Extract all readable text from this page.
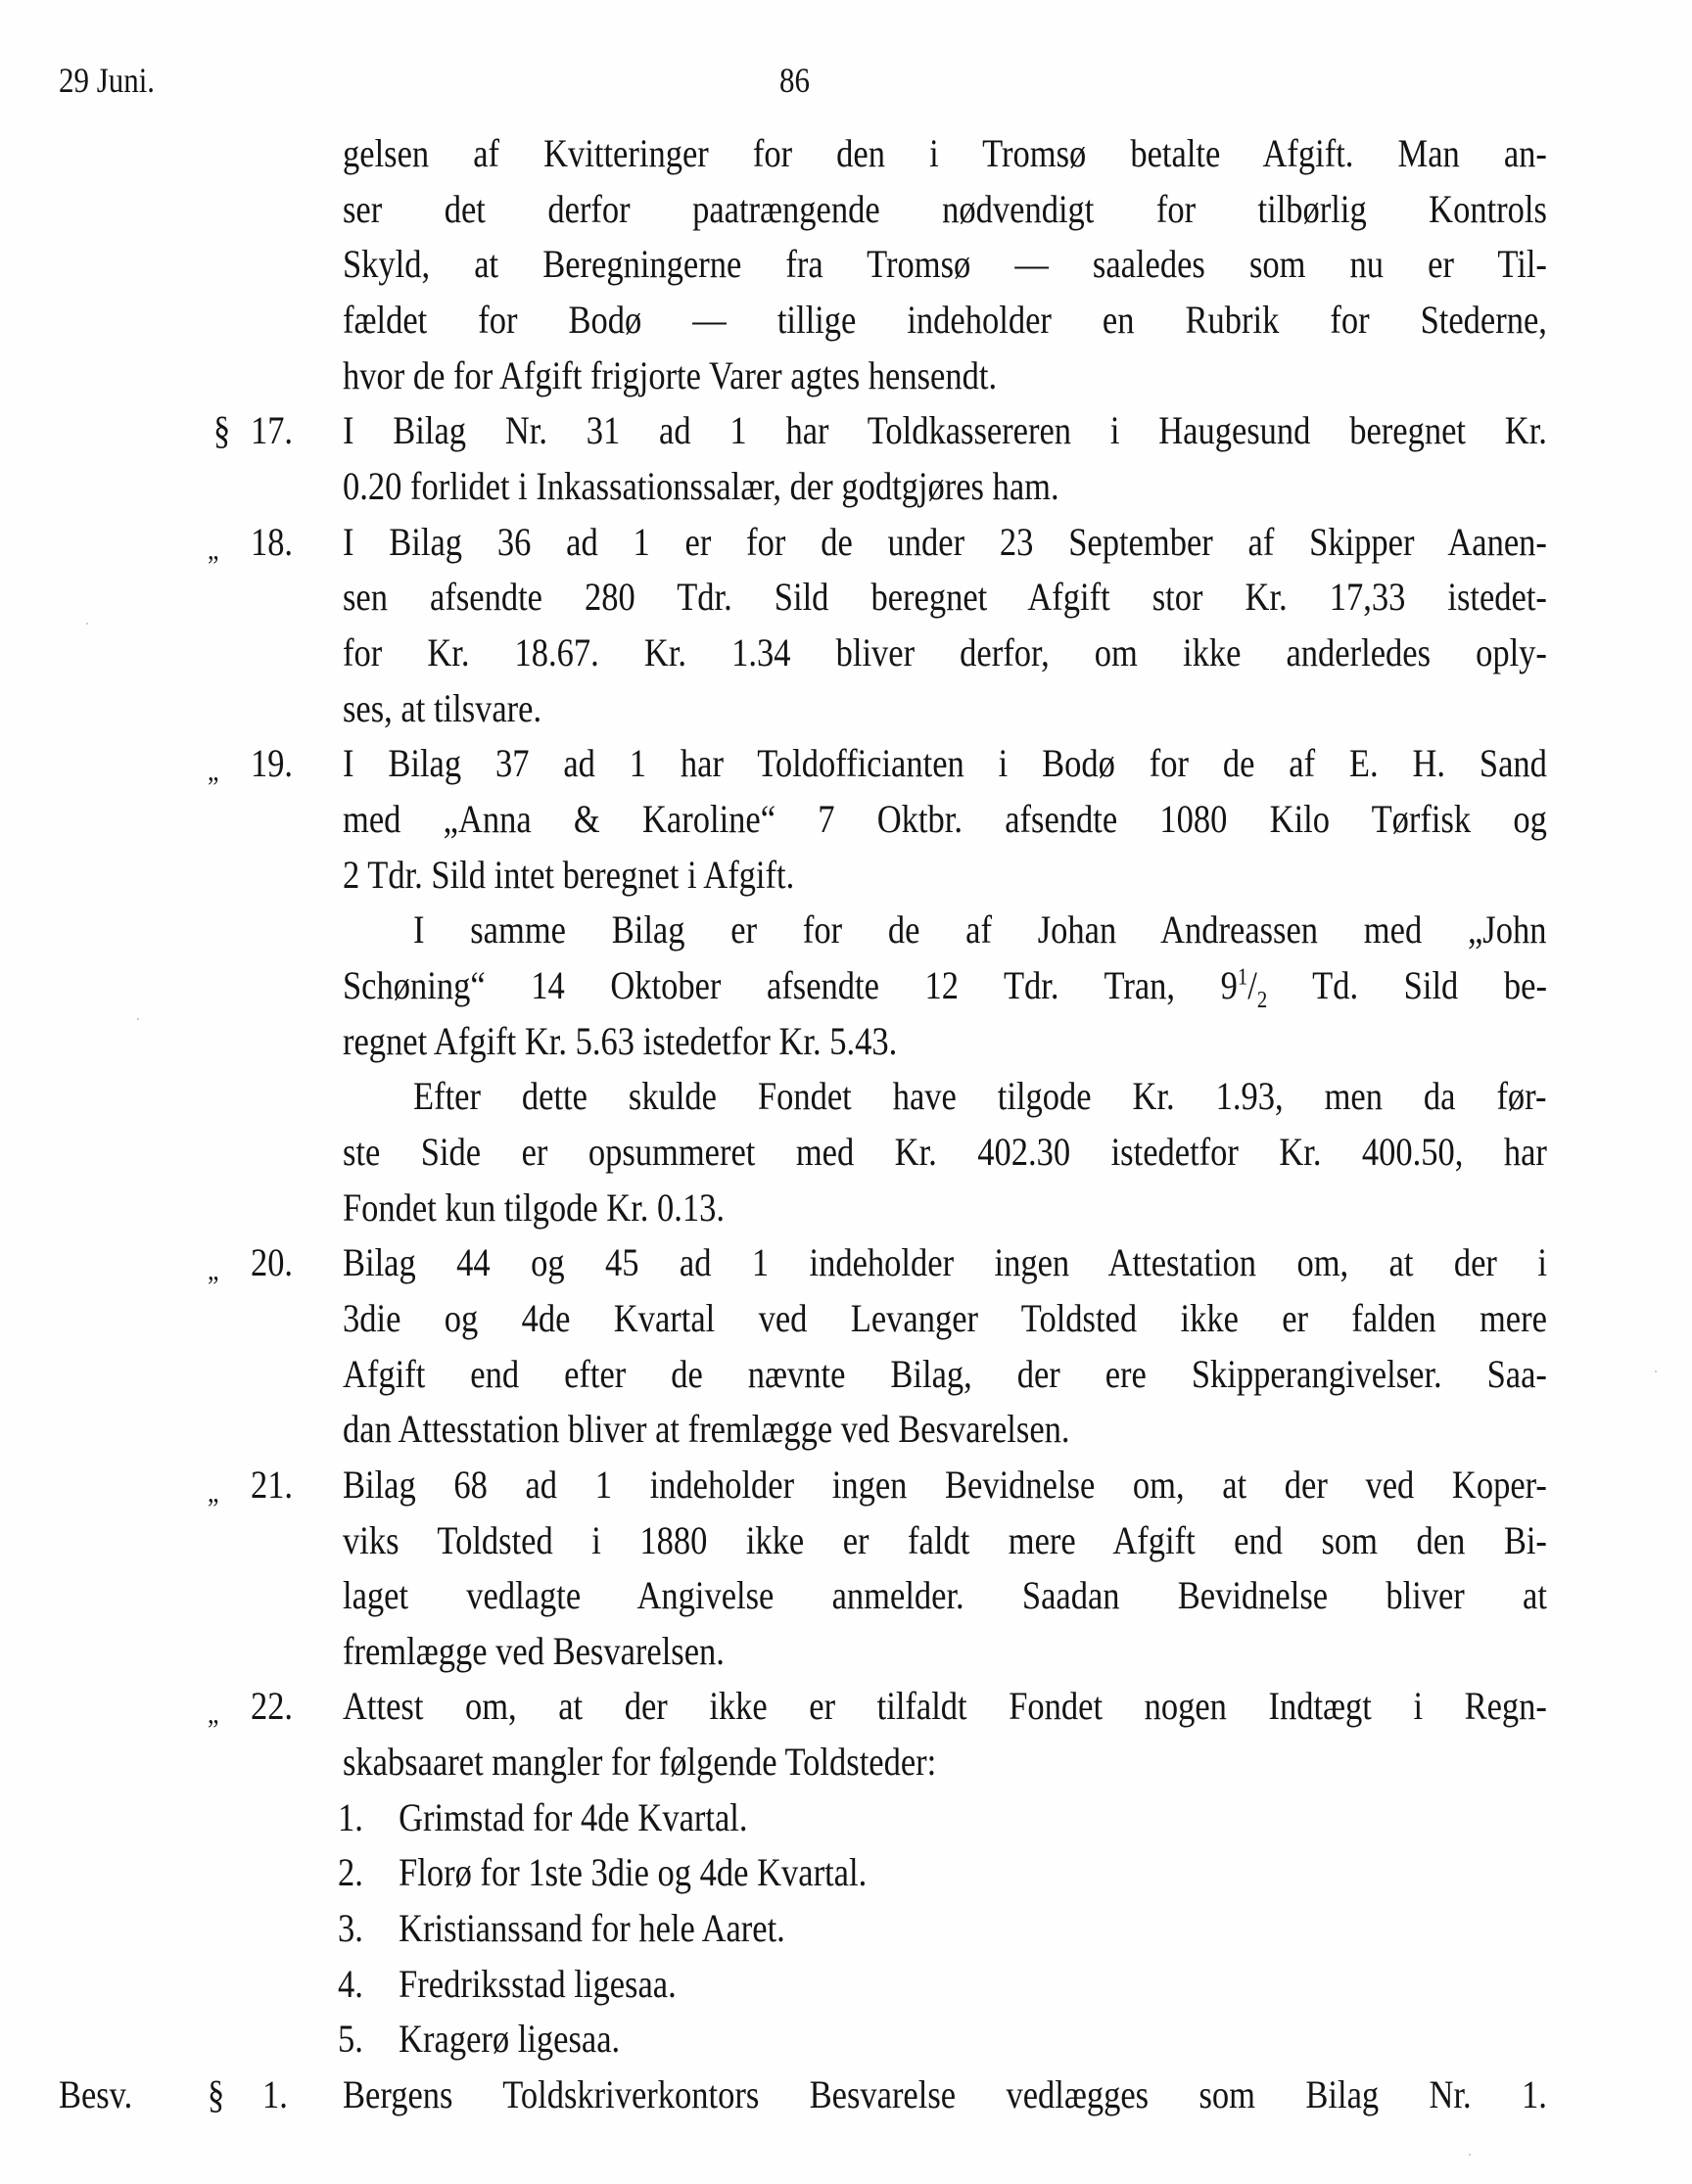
29 Juni.	86
gelsen af Kvitteringer for den i Tromsø betalte Afgift. Man an-
ser det derfor paatrængende nødvendigt for tilbørlig Kontrols
Skyld, at Beregningerne fra Tromsø — saaledes som nu er Til-
fældet for Bodø — tillige indeholder en Rubrik for Stederne,
hvor de for Afgift frigjorte Varer agtes hensendt.
§ 17. I Bilag Nr. 31 ad 1 har Toldkassereren i Haugesund beregnet Kr.
0.20 forlidet i Inkassationssalær, der godtgjøres ham.
„ 18. I Bilag 36 ad 1 er for de under 23 September af Skipper Aanen-
sen afsendte 280 Tdr. Sild beregnet Afgift stor Kr. 17,33 istedet-
for Kr. 18.67. Kr. 1.34 bliver derfor, om ikke anderledes oply-
ses, at tilsvare.
„ 19. I Bilag 37 ad 1 har Toldofficianten i Bodø for de af E. H. Sand
med „Anna & Karoline“ 7 Oktbr. afsendte 1080 Kilo Tørfisk og
2 Tdr. Sild intet beregnet i Afgift.
I samme Bilag er for de af Johan Andreassen med „John
Schøning“ 14 Oktober afsendte 12 Tdr. Tran, $9^1/_2$ Td. Sild be-
regnet Afgift Kr. 5.63 istedetfor Kr. 5.43.
Efter dette skulde Fondet have tilgode Kr. 1.93, men da før-
ste Side er opsummeret med Kr. 402.30 istedetfor Kr. 400.50, har
Fondet kun tilgode Kr. 0.13.
„ 20. Bilag 44 og 45 ad 1 indeholder ingen Attestation om, at der i
3die og 4de Kvartal ved Levanger Toldsted ikke er falden mere
Afgift end efter de nævnte Bilag, der ere Skipperangivelser. Saa-
dan Attesstation bliver at fremlægge ved Besvarelsen.
„ 21. Bilag 68 ad 1 indeholder ingen Bevidnelse om, at der ved Koper-
viks Toldsted i 1880 ikke er faldt mere Afgift end som den Bi-
laget vedlagte Angivelse anmelder. Saadan Bevidnelse bliver at
fremlægge ved Besvarelsen.
„ 22. Attest om, at der ikke er tilfaldt Fondet nogen Indtægt i Regn-
skabsaaret mangler for følgende Toldsteder:
1. Grimstad for 4de Kvartal.
2. Florø for 1ste 3die og 4de Kvartal.
3. Kristianssand for hele Aaret.
4. Fredriksstad ligesaa.
5. Kragerø ligesaa.
Besv. § 1. Bergens Toldskriverkontors Besvarelse vedlægges som Bilag Nr. 1.
